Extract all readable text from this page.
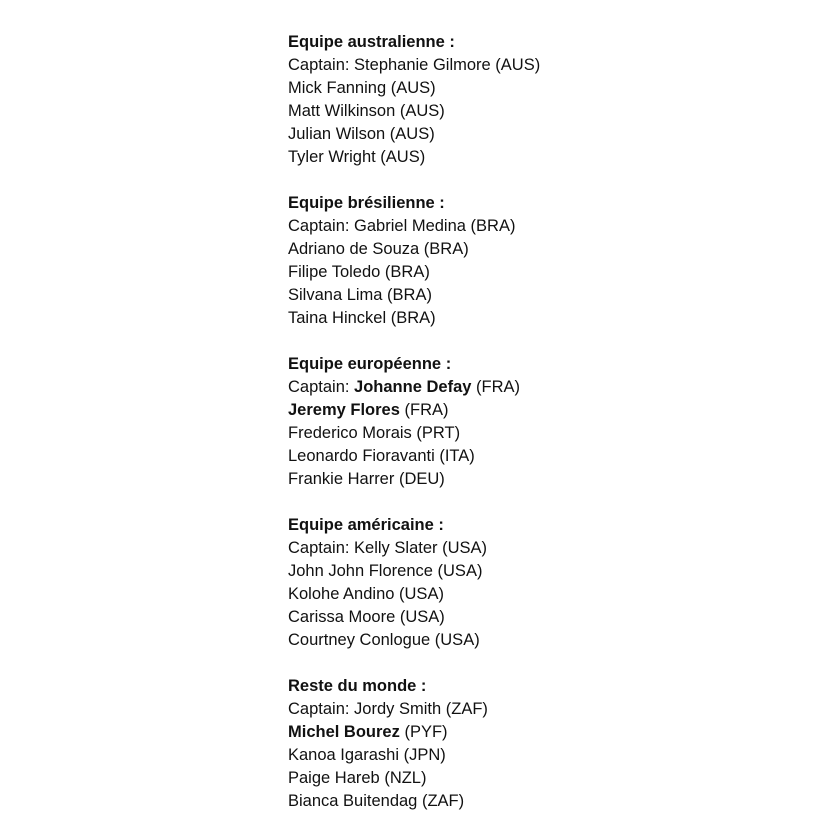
Equipe australienne :
Captain: Stephanie Gilmore (AUS)
Mick Fanning (AUS)
Matt Wilkinson (AUS)
Julian Wilson (AUS)
Tyler Wright (AUS)
Equipe brésilienne :
Captain: Gabriel Medina (BRA)
Adriano de Souza (BRA)
Filipe Toledo (BRA)
Silvana Lima (BRA)
Taina Hinckel (BRA)
Equipe européenne :
Captain: Johanne Defay (FRA)
Jeremy Flores (FRA)
Frederico Morais (PRT)
Leonardo Fioravanti (ITA)
Frankie Harrer (DEU)
Equipe américaine :
Captain: Kelly Slater (USA)
John John Florence (USA)
Kolohe Andino (USA)
Carissa Moore (USA)
Courtney Conlogue (USA)
Reste du monde :
Captain: Jordy Smith (ZAF)
Michel Bourez (PYF)
Kanoa Igarashi (JPN)
Paige Hareb (NZL)
Bianca Buitendag (ZAF)
